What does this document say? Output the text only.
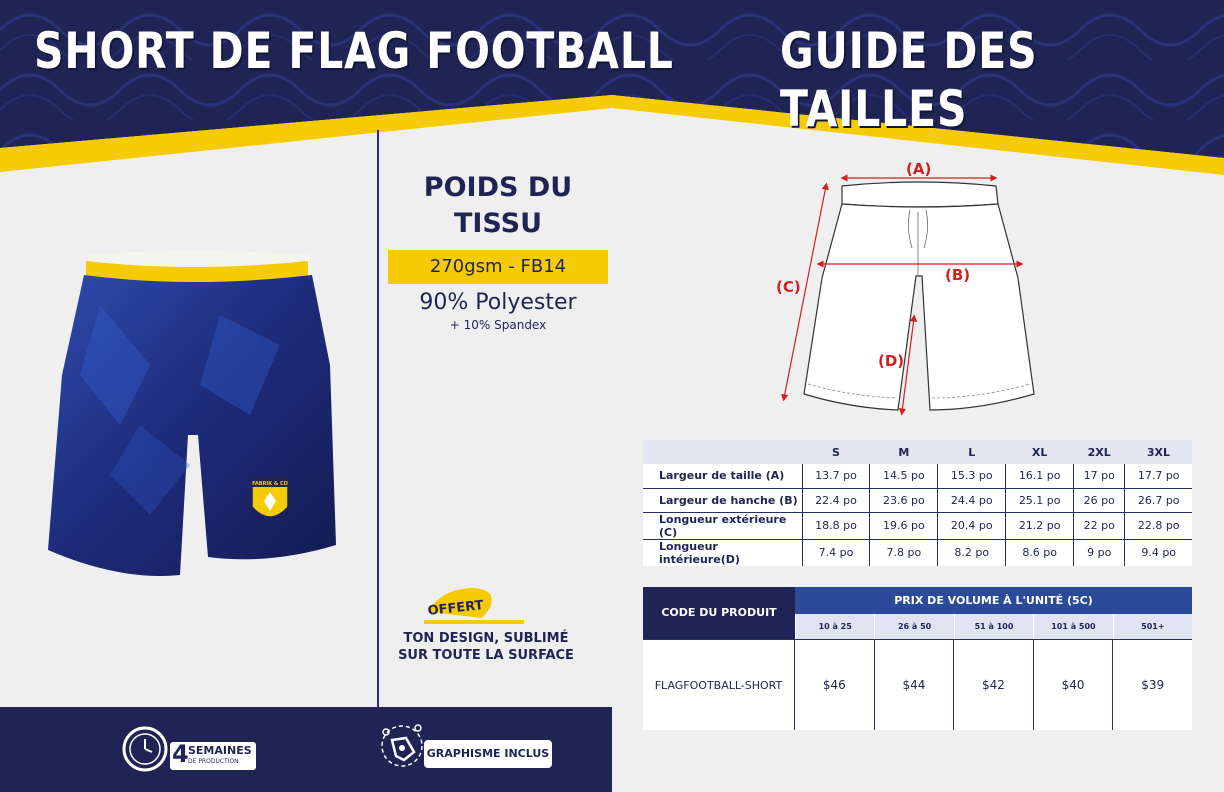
SHORT DE FLAG FOOTBALL GUIDE DES TAILLES
FABRIK & CO
POIDS DU TISSU
270gsm - FB14
90% Polyester
+ 10% Spandex
OFFERT
TON DESIGN, SUBLIMÉ SUR TOUTE LA SURFACE
4 SEMAINES
DE PRODUCTION
GRAPHISME INCLUS
(A)
(B)
(C)
(D)
	S	M	L	XL	2XL	3XL
Largeur de taille (A)	13.7 po	14.5 po	15.3 po	16.1 po	17 po	17.7 po
Largeur de hanche (B)	22.4 po	23.6 po	24.4 po	25.1 po	26 po	26.7 po
Longueur extérieure (C)	18.8 po	19.6 po	20.4 po	21.2 po	22 po	22.8 po
Longueur intérieure(D)	7.4 po	7.8 po	8.2 po	8.6 po	9 po	9.4 po
CODE DU PRODUIT
PRIX DE VOLUME À L'UNITÉ (5C)
10 à 25	26 à 50	51 à 100	101 à 500	501+
FLAGFOOTBALL-SHORT	$46	$44	$42	$40	$39
